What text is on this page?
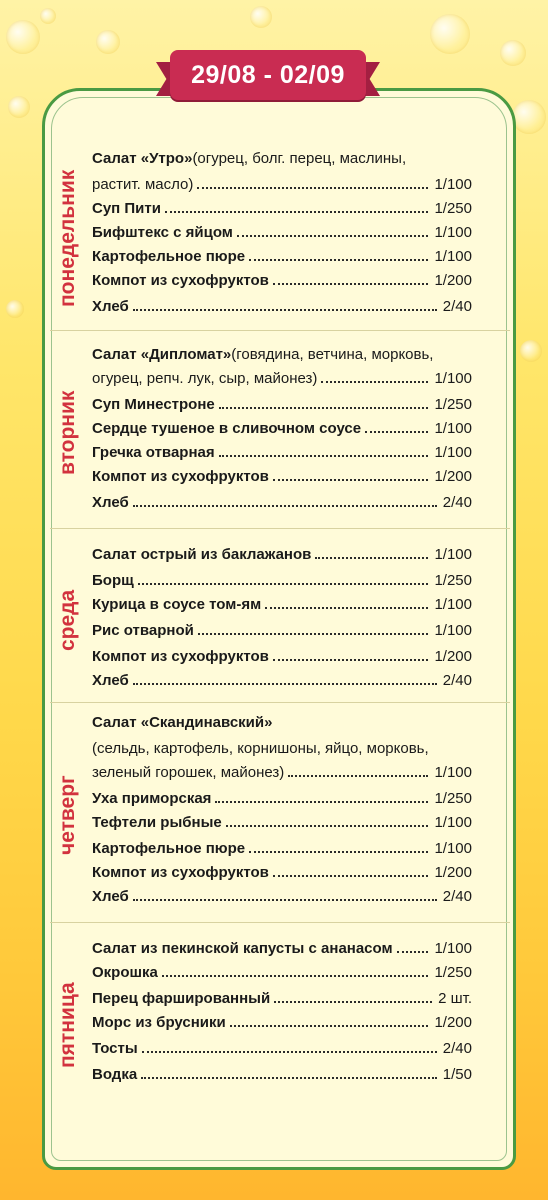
29/08 - 02/09
понедельник
Салат «Утро» (огурец, болг. перец, маслины,
растит. масло)	1/100
Суп Пити	1/250
Бифштекс с яйцом	1/100
Картофельное пюре	1/100
Компот из сухофруктов	1/200
Хлеб	2/40
вторник
Салат «Дипломат» (говядина, ветчина, морковь,
огурец, репч. лук, сыр, майонез)	1/100
Суп Минестроне	1/250
Сердце тушеное в сливочном соусе	1/100
Гречка отварная	1/100
Компот из сухофруктов	1/200
Хлеб	2/40
среда
Салат острый из баклажанов	1/100
Борщ	1/250
Курица в соусе том-ям	1/100
Рис отварной	1/100
Компот из сухофруктов	1/200
Хлеб	2/40
четверг
Салат «Скандинавский»
(сельдь, картофель, корнишоны, яйцо, морковь,
зеленый горошек, майонез)	1/100
Уха приморская	1/250
Тефтели рыбные	1/100
Картофельное пюре	1/100
Компот из сухофруктов	1/200
Хлеб	2/40
пятница
Салат из пекинской капусты с ананасом	1/100
Окрошка	1/250
Перец фаршированный	2 шт.
Морс из брусники	1/200
Тосты	2/40
Водка	1/50
